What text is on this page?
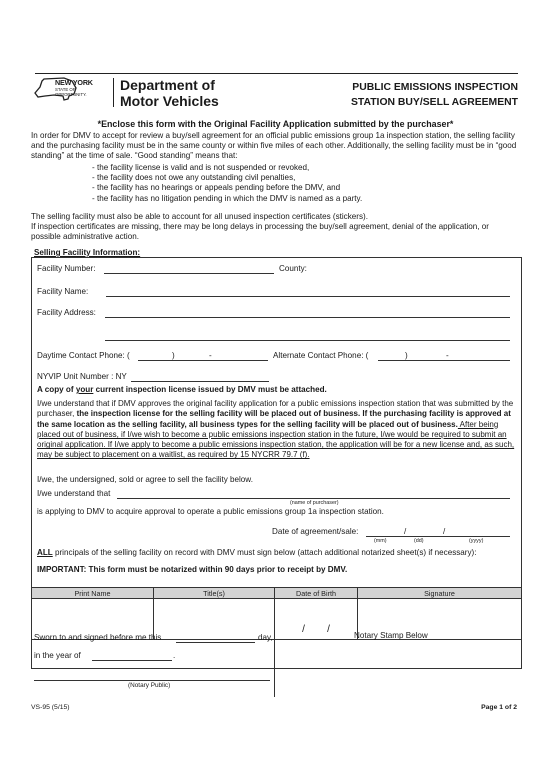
NEW YORK
STATE OF
OPPORTUNITY.
Department of
Motor Vehicles
PUBLIC EMISSIONS INSPECTION
STATION BUY/SELL AGREEMENT
*Enclose this form with the Original Facility Application submitted by the purchaser*
In order for DMV to accept for review a buy/sell agreement for an official public emissions group 1a inspection station, the selling facility and the purchasing facility must be in the same county or within five miles of each other. Additionally, the selling facility must be in “good standing” at the time of sale. “Good standing” means that:
- the facility license is valid and is not suspended or revoked,
- the facility does not owe any outstanding civil penalties,
- the facility has no hearings or appeals pending before the DMV, and
- the facility has no litigation pending in which the DMV is named as a party.
The selling facility must also be able to account for all unused inspection certificates (stickers).
If inspection certificates are missing, there may be long delays in processing the buy/sell agreement, denial of the application, or possible administrative action.
Selling Facility Information:
Facility Number:	County:
Facility Name:
Facility Address:
Daytime Contact Phone: (	)	-	Alternate Contact Phone: (	)	-
NYVIP Unit Number : NY
A copy of your current inspection license issued by DMV must be attached.
I/we understand that if DMV approves the original facility application for a public emissions inspection station that was submitted by the purchaser, the inspection license for the selling facility will be placed out of business. If the purchasing facility is approved at the same location as the selling facility, all business types for the selling facility will be placed out of business. After being placed out of business, if I/we wish to become a public emissions inspection station in the future, I/we would be required to submit an original application. If I/we apply to become a public emissions inspection station, the application will be for a new license and, as such, may be subject to placement on a waitlist, as required by 15 NYCRR 79.7 (f).
I/we, the undersigned, sold or agree to sell the facility below.
I/we understand that
(name of purchaser)
is applying to DMV to acquire approval to operate a public emissions group 1a inspection station.
Date of agreement/sale:	/	/
(mm)	(dd)	(yyyy)
ALL principals of the selling facility on record with DMV must sign below (attach additional notarized sheet(s) if necessary):
IMPORTANT: This form must be notarized within 90 days prior to receipt by DMV.
Print Name	Title(s)	Date of Birth	Signature
		/        /	
Sworn to and signed before me this	day,
in the year of	.
(Notary Public)
Notary Stamp Below
VS-95 (5/15)	Page 1 of 2
